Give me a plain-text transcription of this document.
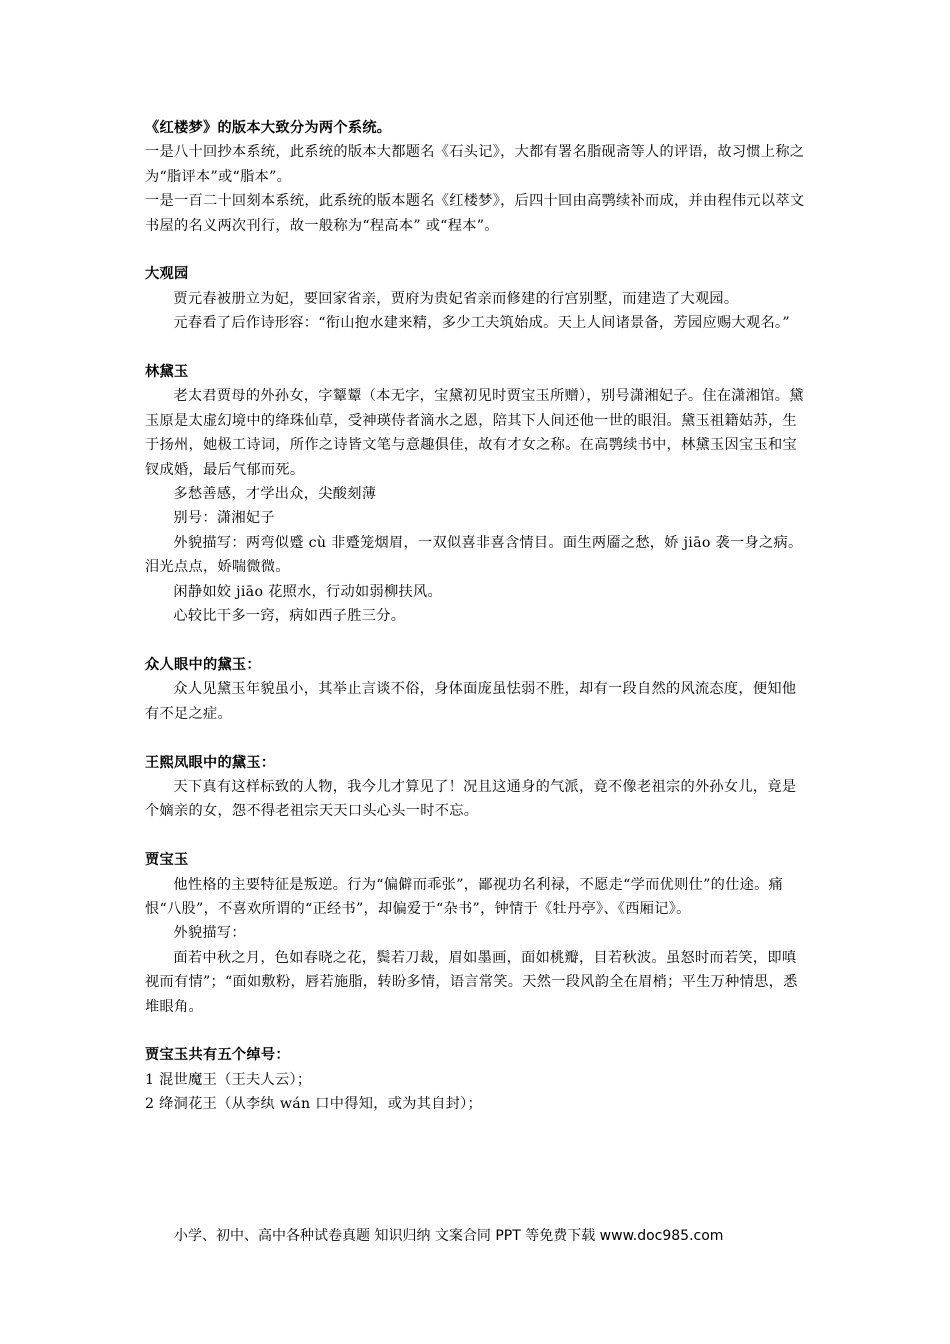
《红楼梦》的版本大致分为两个系统。

一是八十回抄本系统，此系统的版本大都题名《石头记》，大都有署名脂砚斋等人的评语，故习惯上称之为“脂评本”或“脂本”。

一是一百二十回刻本系统，此系统的版本题名《红楼梦》，后四十回由高鹗续补而成，并由程伟元以萃文书屋的名义两次刊行，故一般称为“程高本” 或“程本”。

大观园

贾元春被册立为妃，要回家省亲，贾府为贵妃省亲而修建的行宫别墅，而建造了大观园。

元春看了后作诗形容：“衔山抱水建来精，多少工夫筑始成。天上人间诸景备，芳园应赐大观名。”

林黛玉

老太君贾母的外孙女，字颦颦（本无字，宝黛初见时贾宝玉所赠），别号潇湘妃子。住在潇湘馆。黛玉原是太虚幻境中的绛珠仙草，受神瑛侍者滴水之恩，陪其下人间还他一世的眼泪。黛玉祖籍姑苏，生于扬州，她极工诗词，所作之诗皆文笔与意趣俱佳，故有才女之称。在高鹗续书中，林黛玉因宝玉和宝钗成婚，最后气郁而死。

多愁善感，才学出众，尖酸刻薄

别号：潇湘妃子

外貌描写：两弯似蹙 cù 非蹙笼烟眉，一双似喜非喜含情目。面生两靥之愁，娇 jiāo 袭一身之病。泪光点点，娇喘微微。

闲静如姣 jiāo 花照水，行动如弱柳扶风。

心较比干多一窍，病如西子胜三分。

众人眼中的黛玉：

众人见黛玉年貌虽小，其举止言谈不俗，身体面庞虽怯弱不胜，却有一段自然的风流态度，便知他有不足之症。

王熙凤眼中的黛玉：

天下真有这样标致的人物，我今儿才算见了！况且这通身的气派，竟不像老祖宗的外孙女儿，竟是个嫡亲的女，怨不得老祖宗天天口头心头一时不忘。

贾宝玉

他性格的主要特征是叛逆。行为“偏僻而乖张”，鄙视功名利禄，不愿走“学而优则仕”的仕途。痛恨“八股”，不喜欢所谓的“正经书”，却偏爱于“杂书”，钟情于《牡丹亭》、《西厢记》。

外貌描写：

面若中秋之月，色如春晓之花，鬓若刀裁，眉如墨画，面如桃瓣，目若秋波。虽怒时而若笑，即嗔视而有情”；“面如敷粉，唇若施脂，转盼多情，语言常笑。天然一段风韵全在眉梢；平生万种情思，悉堆眼角。

贾宝玉共有五个绰号：

1 混世魔王（王夫人云）；

2 绛洞花王（从李纨 wán 口中得知，或为其自封）；

小学、初中、高中各种试卷真题 知识归纳 文案合同 PPT 等免费下载 www.doc985.com
